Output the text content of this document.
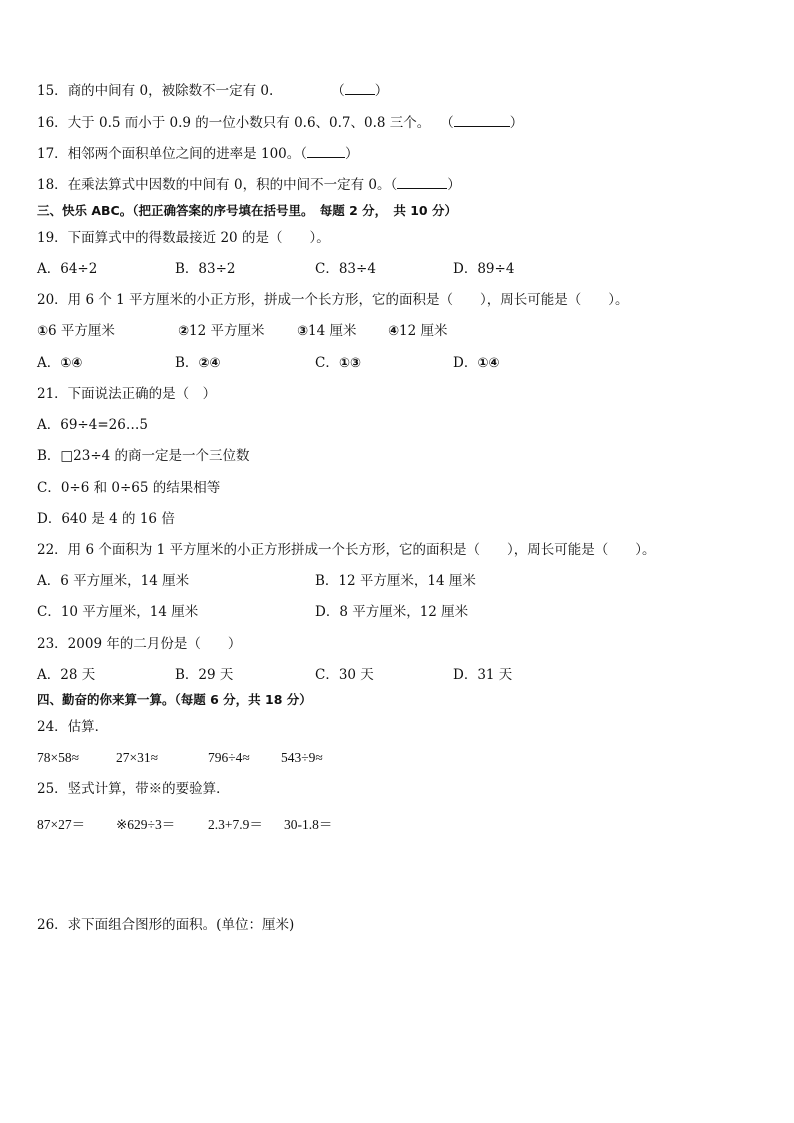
15．商的中间有 0，被除数不一定有 0.	（ ）
16．大于 0.5 而小于 0.9 的一位小数只有 0.6、0.7、0.8 三个。 （	）
17．相邻两个面积单位之间的进率是 100。（	）
18．在乘法算式中因数的中间有 0，积的中间不一定有 0。（	）
三、快乐 ABC。（把正确答案的序号填在括号里。　每题 2 分，　共 10 分）
19．下面算式中的得数最接近 20 的是（　　）。
A．64÷2	B．83÷2	C．83÷4	D．89÷4
20．用 6 个 1 平方厘米的小正方形，拼成一个长方形，它的面积是（　　），周长可能是（　　）。
①6 平方厘米	②12 平方厘米	③14 厘米 ④12 厘米
A．①④	B．②④	C．①③	D．①④
21．下面说法正确的是（　）
A．69÷4=26…5
B．□23÷4 的商一定是一个三位数
C．0÷6 和 0÷65 的结果相等
D．640 是 4 的 16 倍
22．用 6 个面积为 1 平方厘米的小正方形拼成一个长方形，它的面积是（　　），周长可能是（　　）。
A．6 平方厘米，14 厘米	B．12 平方厘米，14 厘米
C．10 平方厘米，14 厘米	D．8 平方厘米，12 厘米
23．2009 年的二月份是（　　）
A．28 天	B．29 天	C．30 天	D．31 天
四、勤奋的你来算一算。（每题 6 分，共 18 分）
24．估算．
78×58≈	27×31≈	796÷4≈ 543÷9≈
25．竖式计算，带※的要验算．
87×27＝ ※629÷3＝ 2.3+7.9＝ 30-1.8＝
26．求下面组合图形的面积。(单位：厘米)
